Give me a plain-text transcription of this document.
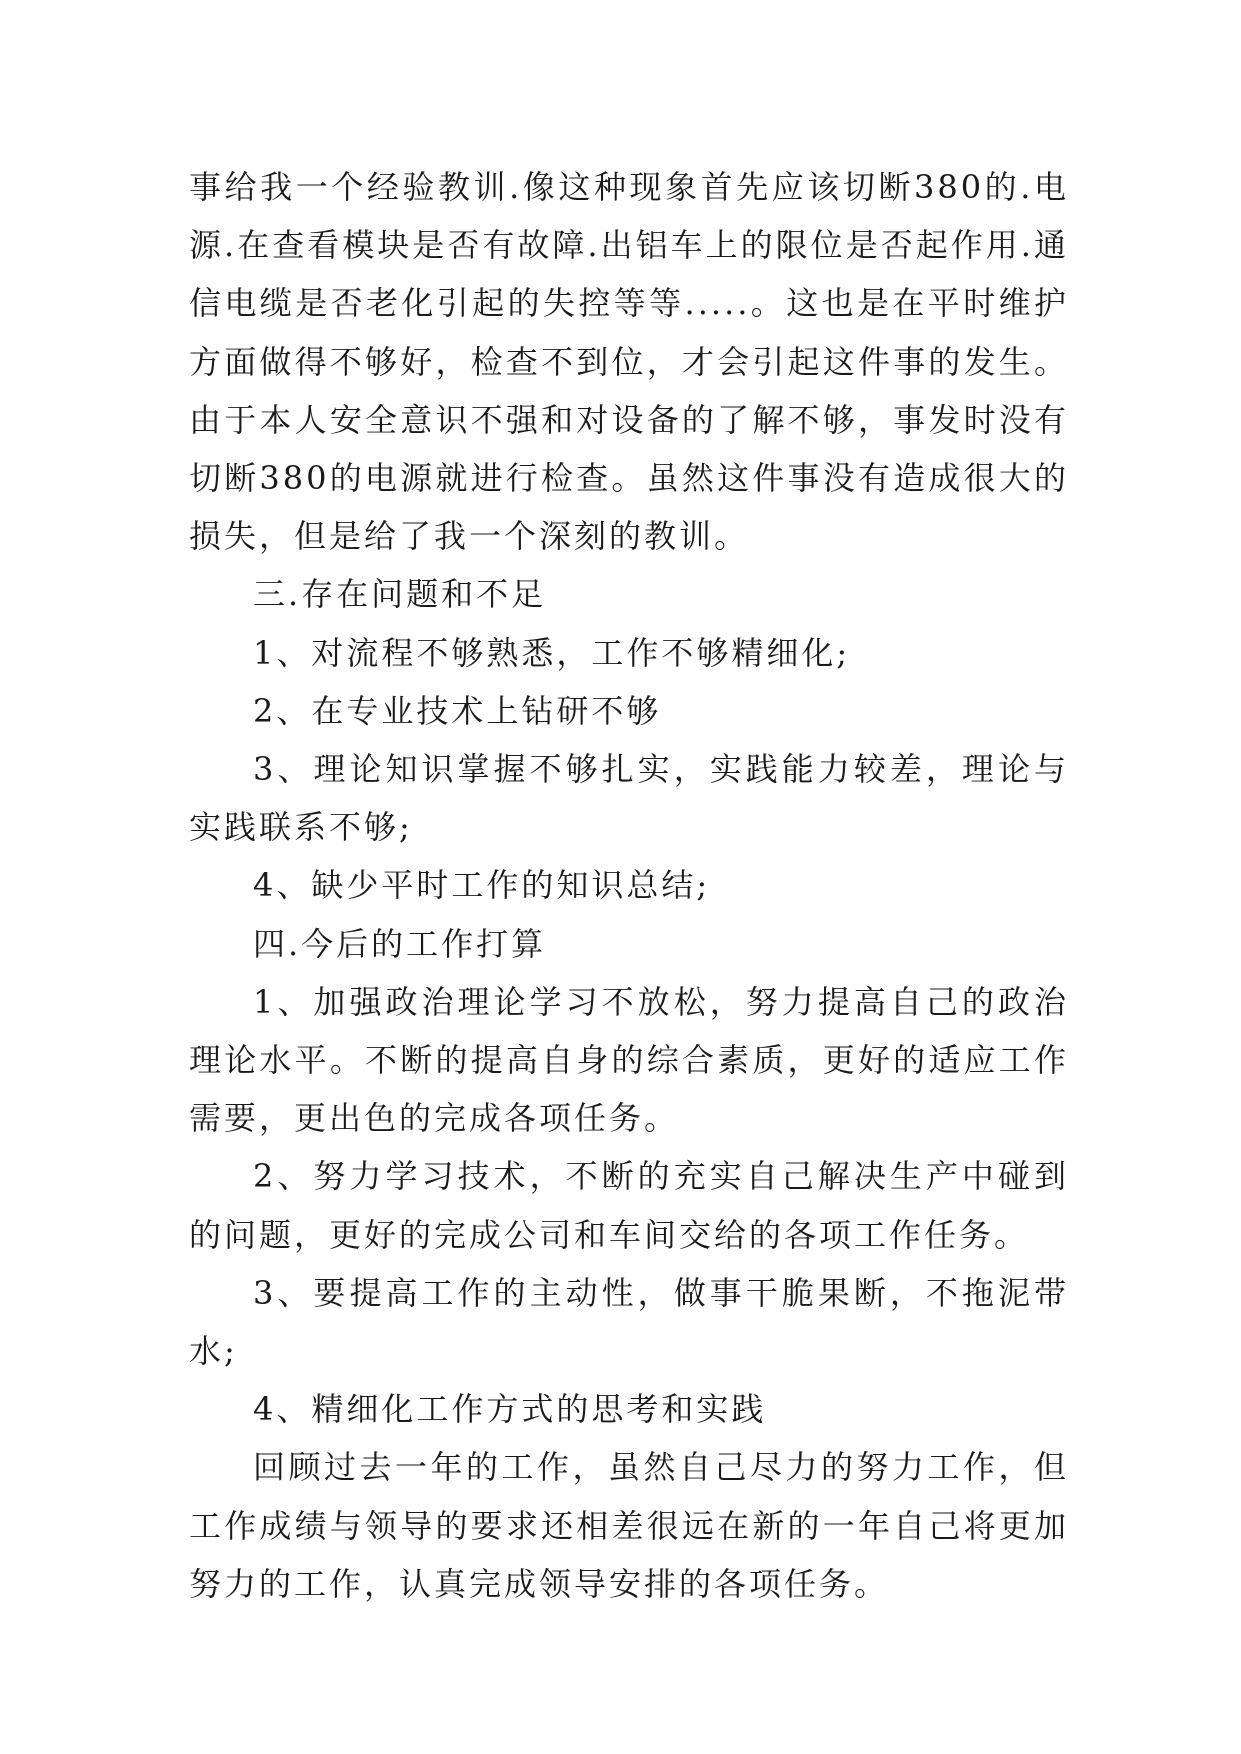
事给我一个经验教训.像这种现象首先应该切断380的.电源.在查看模块是否有故障.出铝车上的限位是否起作用.通信电缆是否老化引起的失控等等.....。这也是在平时维护方面做得不够好，检查不到位，才会引起这件事的发生。由于本人安全意识不强和对设备的了解不够，事发时没有切断380的电源就进行检查。虽然这件事没有造成很大的损失，但是给了我一个深刻的教训。

三.存在问题和不足

1、对流程不够熟悉，工作不够精细化;

2、在专业技术上钻研不够

3、理论知识掌握不够扎实，实践能力较差，理论与实践联系不够;

4、缺少平时工作的知识总结;

四.今后的工作打算

1、加强政治理论学习不放松，努力提高自己的政治理论水平。不断的提高自身的综合素质，更好的适应工作需要，更出色的完成各项任务。

2、努力学习技术，不断的充实自己解决生产中碰到的问题，更好的完成公司和车间交给的各项工作任务。

3、要提高工作的主动性，做事干脆果断，不拖泥带水;

4、精细化工作方式的思考和实践

回顾过去一年的工作，虽然自己尽力的努力工作，但工作成绩与领导的要求还相差很远在新的一年自己将更加努力的工作，认真完成领导安排的各项任务。
